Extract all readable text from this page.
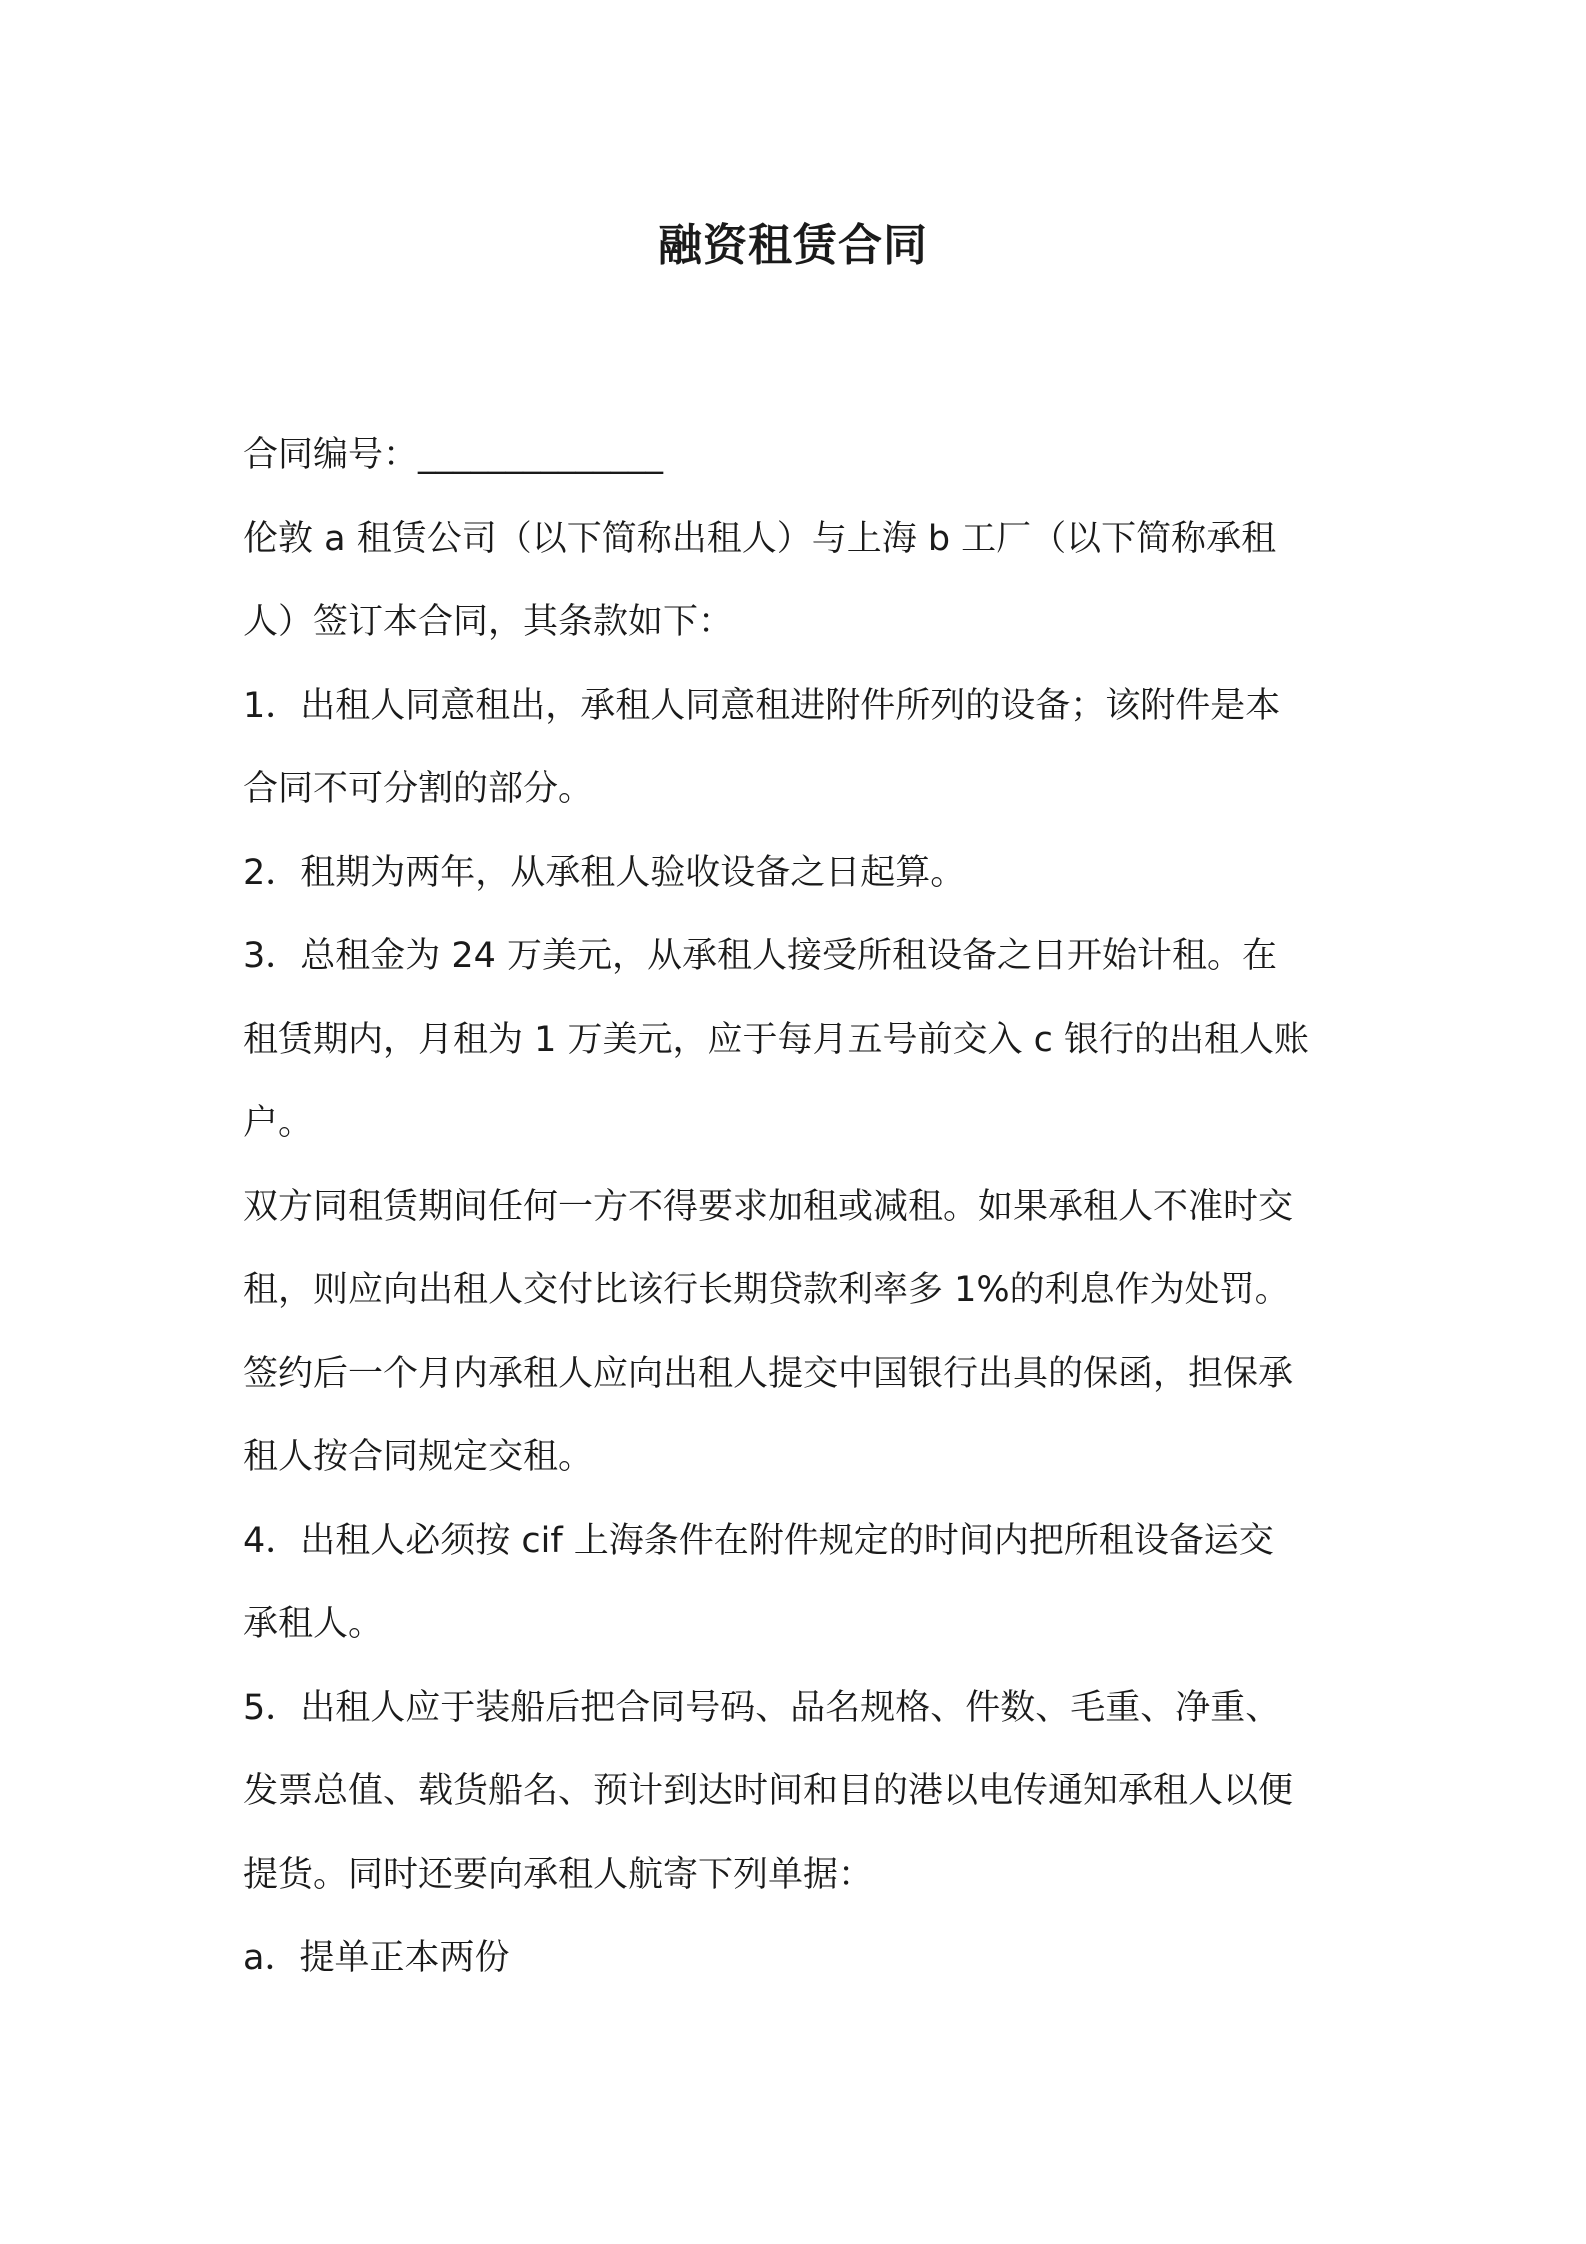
融资租赁合同

合同编号：______________

伦敦 a 租赁公司（以下简称出租人）与上海 b 工厂（以下简称承租

人）签订本合同，其条款如下：

1．出租人同意租出，承租人同意租进附件所列的设备；该附件是本

合同不可分割的部分。

2．租期为两年，从承租人验收设备之日起算。

3．总租金为 24 万美元，从承租人接受所租设备之日开始计租。在

租赁期内，月租为 1 万美元，应于每月五号前交入 c 银行的出租人账

户。

双方同租赁期间任何一方不得要求加租或减租。如果承租人不准时交

租，则应向出租人交付比该行长期贷款利率多 1%的利息作为处罚。

签约后一个月内承租人应向出租人提交中国银行出具的保函，担保承

租人按合同规定交租。

4．出租人必须按 cif 上海条件在附件规定的时间内把所租设备运交

承租人。

5．出租人应于装船后把合同号码、品名规格、件数、毛重、净重、

发票总值、载货船名、预计到达时间和目的港以电传通知承租人以便

提货。同时还要向承租人航寄下列单据：

a．提单正本两份
